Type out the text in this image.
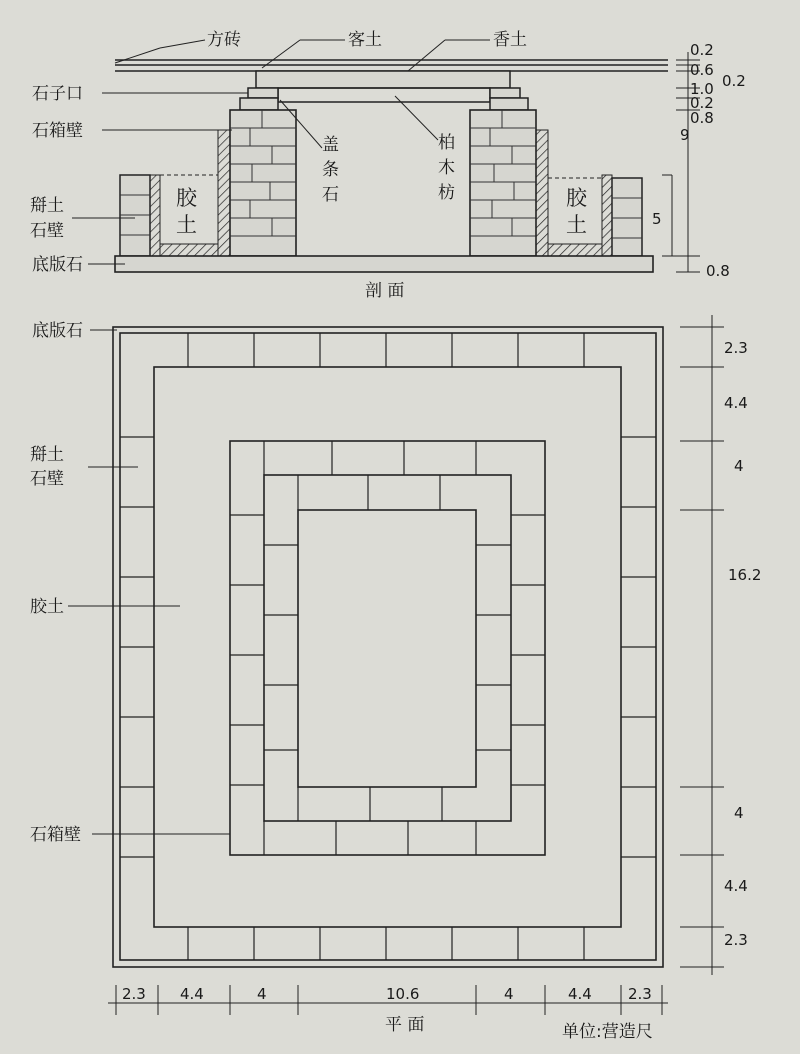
方砖	客土	香土
石子口
石箱壁
盖
条
石
柏
木
枋
胶
土
胶
土
搿土
石壁
底版石
0.2
0.6
0.2
1.0
0.2
0.8
9
5
0.8
剖 面
底版石
搿土
石壁
胶土
石箱壁
2.3
4.4
4
16.2
4
4.4
2.3
2.3 4.4	4	10.6	4	4.4 2.3
平 面	单位:营造尺
